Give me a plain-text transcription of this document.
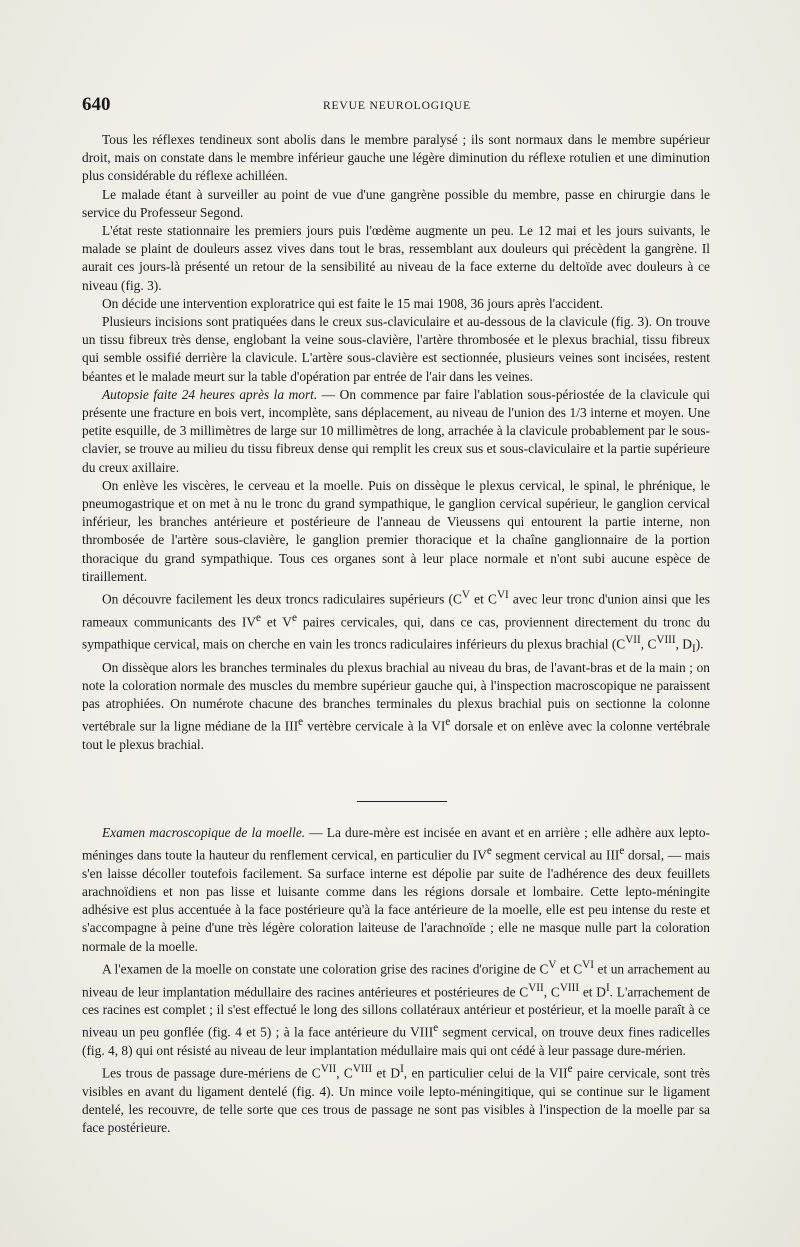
640	REVUE NEUROLOGIQUE

Tous les réflexes tendineux sont abolis dans le membre paralysé ; ils sont normaux dans le membre supérieur droit, mais on constate dans le membre inférieur gauche une légère diminution du réflexe rotulien et une diminution plus considérable du réflexe achilléen.

Le malade étant à surveiller au point de vue d'une gangrène possible du membre, passe en chirurgie dans le service du Professeur Segond.

L'état reste stationnaire les premiers jours puis l'œdème augmente un peu. Le 12 mai et les jours suivants, le malade se plaint de douleurs assez vives dans tout le bras, ressemblant aux douleurs qui précèdent la gangrène. Il aurait ces jours-là présenté un retour de la sensibilité au niveau de la face externe du deltoïde avec douleurs à ce niveau (fig. 3).

On décide une intervention exploratrice qui est faite le 15 mai 1908, 36 jours après l'accident.

Plusieurs incisions sont pratiquées dans le creux sus-claviculaire et au-dessous de la clavicule (fig. 3). On trouve un tissu fibreux très dense, englobant la veine sous-clavière, l'artère thrombosée et le plexus brachial, tissu fibreux qui semble ossifié derrière la clavicule. L'artère sous-clavière est sectionnée, plusieurs veines sont incisées, restent béantes et le malade meurt sur la table d'opération par entrée de l'air dans les veines.

Autopsie faite 24 heures après la mort. — On commence par faire l'ablation sous-périostée de la clavicule qui présente une fracture en bois vert, incomplète, sans déplacement, au niveau de l'union des 1/3 interne et moyen. Une petite esquille, de 3 millimètres de large sur 10 millimètres de long, arrachée à la clavicule probablement par le sous-clavier, se trouve au milieu du tissu fibreux dense qui remplit les creux sus et sous-claviculaire et la partie supérieure du creux axillaire.

On enlève les viscères, le cerveau et la moelle. Puis on dissèque le plexus cervical, le spinal, le phrénique, le pneumogastrique et on met à nu le tronc du grand sympathique, le ganglion cervical supérieur, le ganglion cervical inférieur, les branches antérieure et postérieure de l'anneau de Vieussens qui entourent la partie interne, non thrombosée de l'artère sous-clavière, le ganglion premier thoracique et la chaîne ganglionnaire de la portion thoracique du grand sympathique. Tous ces organes sont à leur place normale et n'ont subi aucune espèce de tiraillement.

On découvre facilement les deux troncs radiculaires supérieurs ($C^V$ et $C^{VI}$ avec leur tronc d'union ainsi que les rameaux communicants des IVe et Ve paires cervicales, qui, dans ce cas, proviennent directement du tronc du sympathique cervical, mais on cherche en vain les troncs radiculaires inférieurs du plexus brachial ($C^{VII}$, $C^{VIII}$, $D_I$).

On dissèque alors les branches terminales du plexus brachial au niveau du bras, de l'avant-bras et de la main ; on note la coloration normale des muscles du membre supérieur gauche qui, à l'inspection macroscopique ne paraissent pas atrophiées. On numérote chacune des branches terminales du plexus brachial puis on sectionne la colonne vertébrale sur la ligne médiane de la IIIe vertèbre cervicale à la VIe dorsale et on enlève avec la colonne vertébrale tout le plexus brachial.

Examen macroscopique de la moelle. — La dure-mère est incisée en avant et en arrière ; elle adhère aux lepto-méninges dans toute la hauteur du renflement cervical, en particulier du IVe segment cervical au IIIe dorsal, — mais s'en laisse décoller toutefois facilement. Sa surface interne est dépolie par suite de l'adhérence des deux feuillets arachnoïdiens et non pas lisse et luisante comme dans les régions dorsale et lombaire. Cette lepto-méningite adhésive est plus accentuée à la face postérieure qu'à la face antérieure de la moelle, elle est peu intense du reste et s'accompagne à peine d'une très légère coloration laiteuse de l'arachnoïde ; elle ne masque nulle part la coloration normale de la moelle.

A l'examen de la moelle on constate une coloration grise des racines d'origine de $C^V$ et $C^{VI}$ et un arrachement au niveau de leur implantation médullaire des racines antérieures et postérieures de $C^{VII}$, $C^{VIII}$ et $D^I$. L'arrachement de ces racines est complet ; il s'est effectué le long des sillons collatéraux antérieur et postérieur, et la moelle paraît à ce niveau un peu gonflée (fig. 4 et 5) ; à la face antérieure du VIIIe segment cervical, on trouve deux fines radicelles (fig. 4, 8) qui ont résisté au niveau de leur implantation médullaire mais qui ont cédé à leur passage dure-mérien.

Les trous de passage dure-mériens de $C^{VII}$, $C^{VIII}$ et $D^I$, en particulier celui de la VIIe paire cervicale, sont très visibles en avant du ligament dentelé (fig. 4). Un mince voile lepto-méningitique, qui se continue sur le ligament dentelé, les recouvre, de telle sorte que ces trous de passage ne sont pas visibles à l'inspection de la moelle par sa face postérieure.
